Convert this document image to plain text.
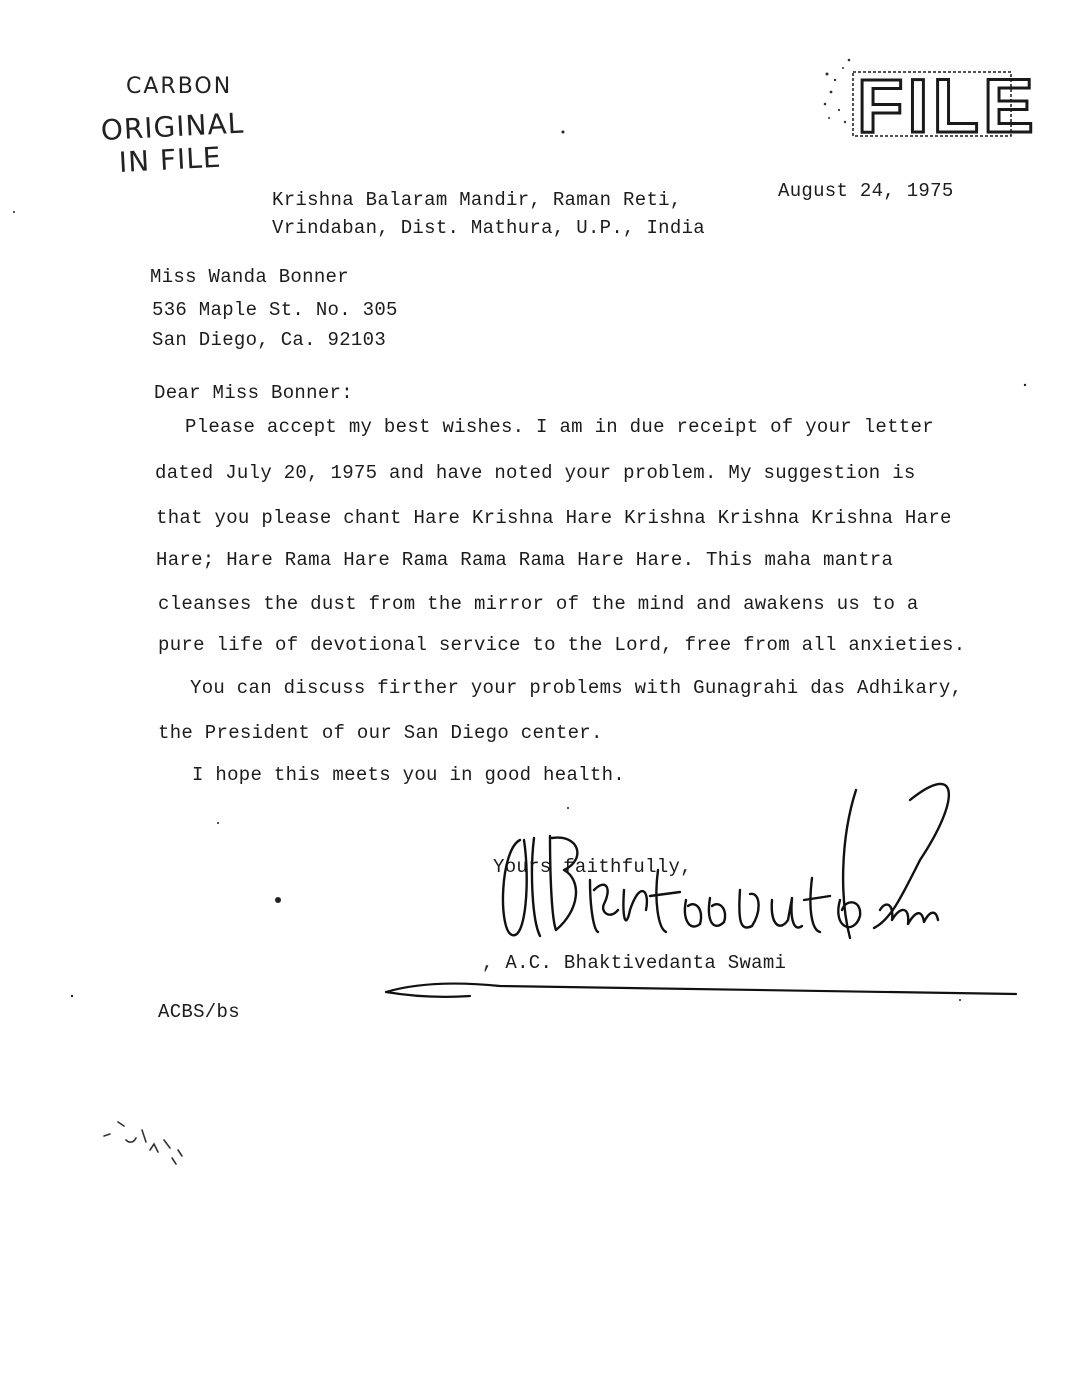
CARBON
ORIGINAL
IN FILE
FILE
August 24, 1975
Krishna Balaram Mandir, Raman Reti,
Vrindaban, Dist. Mathura, U.P., India
Miss Wanda Bonner
536 Maple St. No. 305
San Diego, Ca. 92103
Dear Miss Bonner:
Please accept my best wishes. I am in due receipt of your letter
dated July 20, 1975 and have noted your problem. My suggestion is
that you please chant Hare Krishna Hare Krishna Krishna Krishna Hare
Hare; Hare Rama Hare Rama Rama Rama Hare Hare. This maha mantra
cleanses the dust from the mirror of the mind and awakens us to a
pure life of devotional service to the Lord, free from all anxieties.
You can discuss firther your problems with Gunagrahi das Adhikary,
the President of our San Diego center.
I hope this meets you in good health.
Yours faithfully,
, A.C. Bhaktivedanta Swami
ACBS/bs
